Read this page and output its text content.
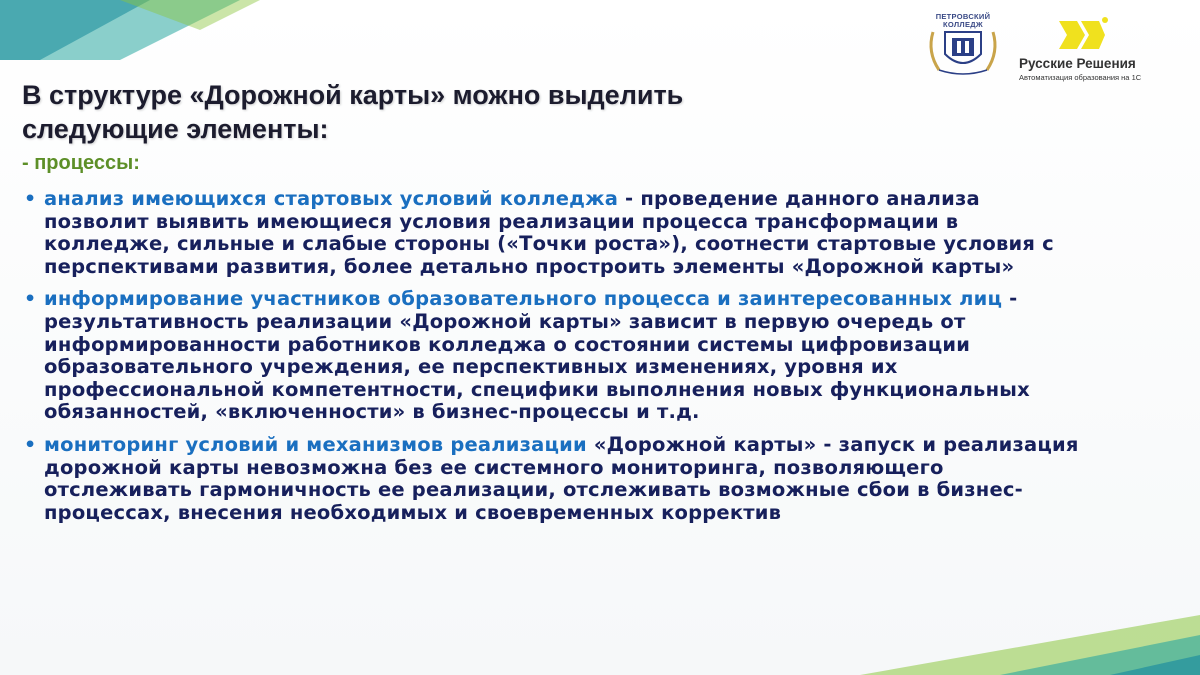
ПЕТРОВСКИЙ КОЛЛЕДЖ
Русские Решения
Автоматизация образования на 1С
В структуре «Дорожной карты» можно выделить
следующие элементы:
- процессы:
• анализ имеющихся стартовых условий колледжа - проведение данного анализа позволит выявить имеющиеся условия реализации процесса трансформации в колледже, сильные и слабые стороны («Точки роста»), соотнести стартовые условия с перспективами развития, более детально простроить элементы «Дорожной карты»
• информирование участников образовательного процесса и заинтересованных лиц - результативность реализации «Дорожной карты» зависит в первую очередь от информированности работников колледжа о состоянии системы цифровизации образовательного учреждения, ее перспективных изменениях, уровня их профессиональной компетентности, специфики выполнения новых функциональных обязанностей, «включенности» в бизнес-процессы и т.д.
• мониторинг условий и механизмов реализации «Дорожной карты» - запуск и реализация дорожной карты невозможна без ее системного мониторинга, позволяющего отслеживать гармоничность ее реализации, отслеживать возможные сбои в бизнес-процессах, внесения необходимых и своевременных корректив
